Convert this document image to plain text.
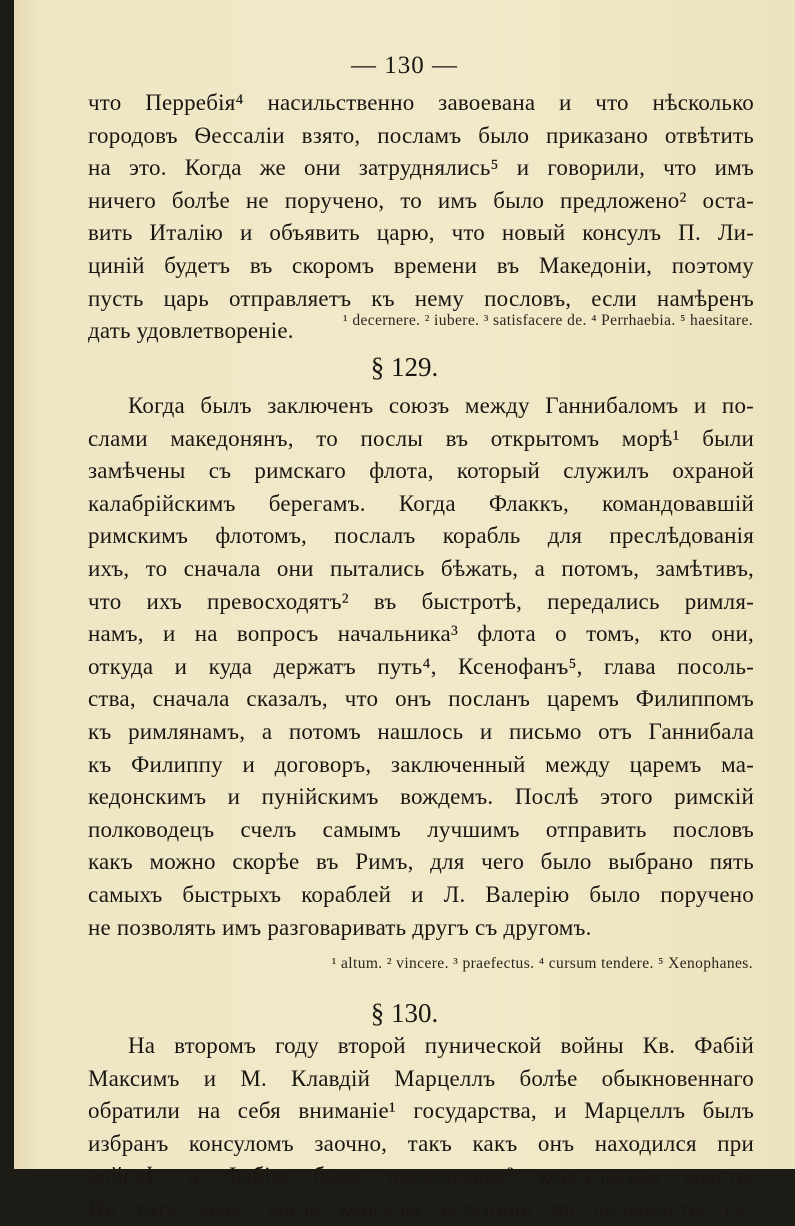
— 130 —
что Перребія⁴ насильственно завоевана и что нѣсколько
городовъ Ѳессаліи взято, посламъ было приказано отвѣтить
на это. Когда же они затруднялись⁵ и говорили, что имъ
ничего болѣе не поручено, то имъ было предложено² оста-
вить Италію и объявить царю, что новый консулъ П. Ли-
циній будетъ въ скоромъ времени въ Македоніи, поэтому
пусть царь отправляетъ къ нему пословъ, если намѣренъ
дать удовлетвореніе.	¹ decernere. ² iubere. ³ satisfacere de. ⁴ Perrhaebia. ⁵ haesitare.
§ 129.
Когда былъ заключенъ союзъ между Ганнибаломъ и по-
слами македонянъ, то послы въ открытомъ морѣ¹ были
замѣчены съ римскаго флота, который служилъ охраной
калабрійскимъ берегамъ. Когда Флаккъ, командовавшій
римскимъ флотомъ, послалъ корабль для преслѣдованія
ихъ, то сначала они пытались бѣжать, а потомъ, замѣтивъ,
что ихъ превосходятъ² въ быстротѣ, передались римля-
намъ, и на вопросъ начальника³ флота о томъ, кто они,
откуда и куда держатъ путь⁴, Ксенофанъ⁵, глава посоль-
ства, сначала сказалъ, что онъ посланъ царемъ Филиппомъ
къ римлянамъ, а потомъ нашлось и письмо отъ Ганнибала
къ Филиппу и договоръ, заключенный между царемъ ма-
кедонскимъ и пунійскимъ вождемъ. Послѣ этого римскій
полководецъ счелъ самымъ лучшимъ отправить пословъ
какъ можно скорѣе въ Римъ, для чего было выбрано пять
самыхъ быстрыхъ кораблей и Л. Валерію было поручено
не позволять имъ разговаривать другъ съ другомъ.
¹ altum. ² vincere. ³ praefectus. ⁴ cursum tendere. ⁵ Xenophanes.
§ 130.
На второмъ году второй пунической войны Кв. Фабій
Максимъ и М. Клавдій Марцеллъ болѣе обыкновеннаго
обратили на себя вниманіе¹ государства, и Марцеллъ былъ
избранъ консуломъ заочно, такъ какъ онъ находился при
войскѣ, а Фабію была продолжена² консульская власть.
Въ тотъ день, когда консулы вступили въ должность, се-
